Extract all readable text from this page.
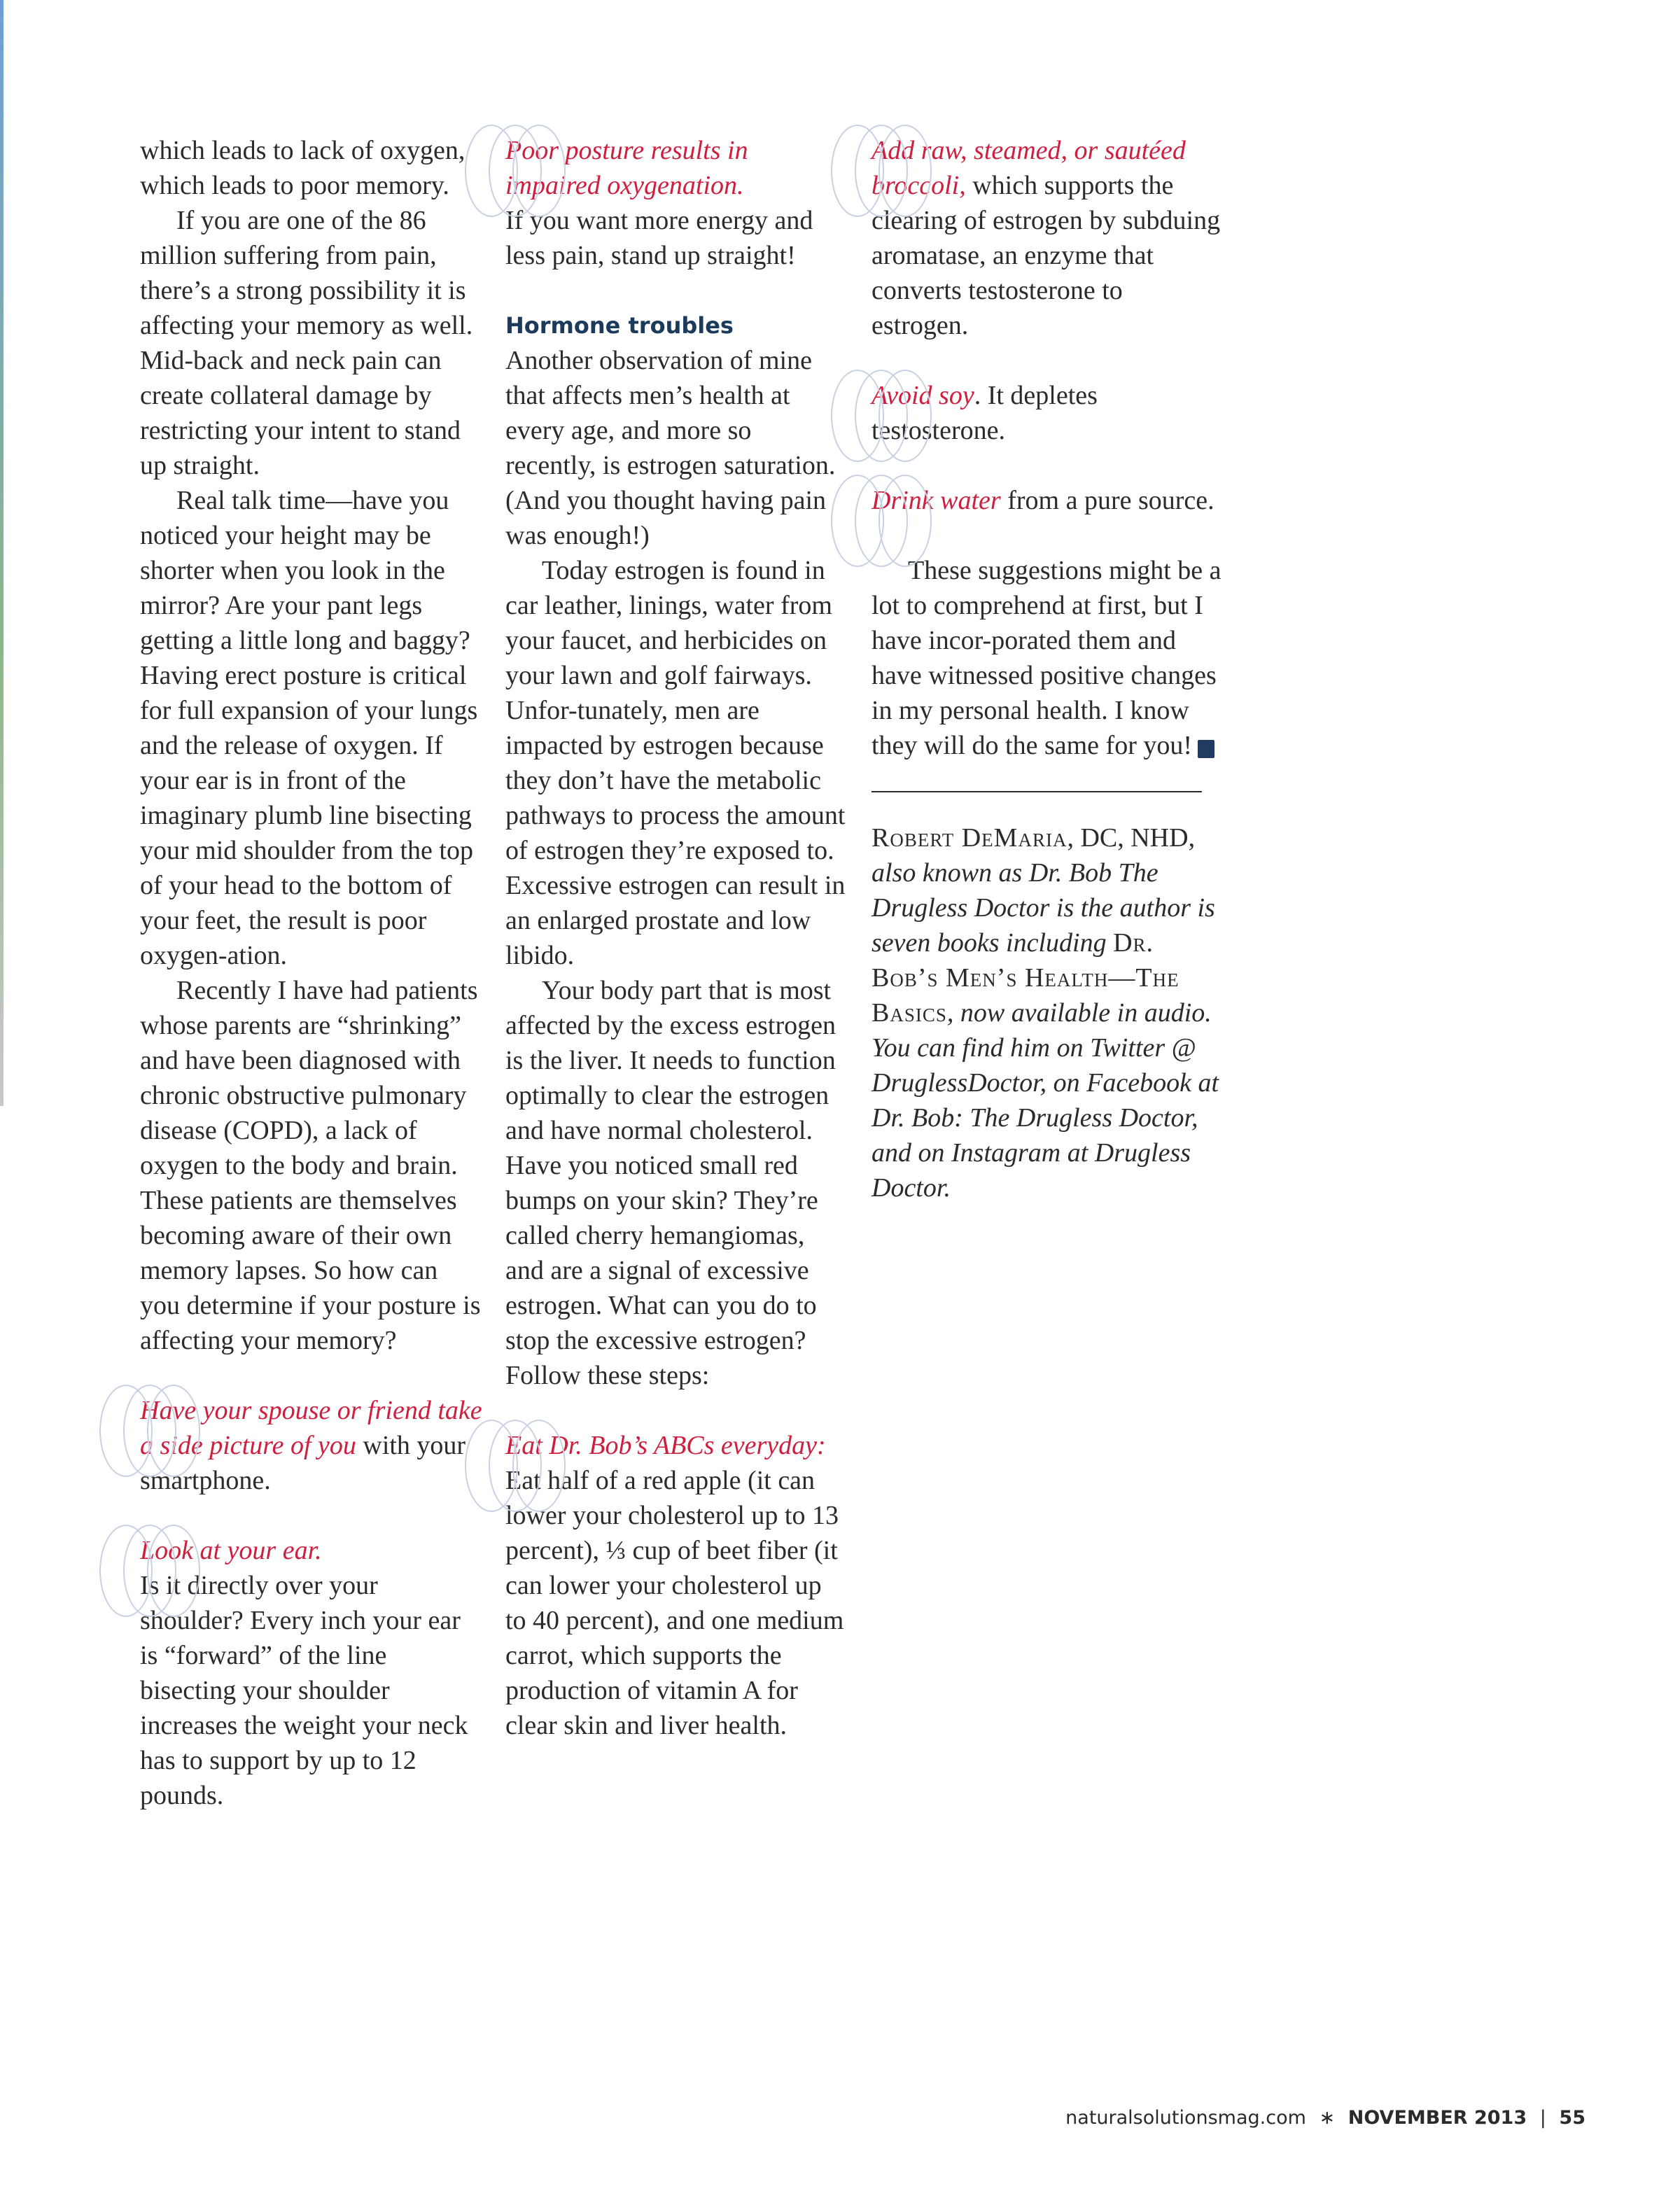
which leads to lack of oxygen, which leads to poor memory.

If you are one of the 86 million suffering from pain, there’s a strong possibility it is affecting your memory as well. Mid-back and neck pain can create collateral damage by restricting your intent to stand up straight.

Real talk time—have you noticed your height may be shorter when you look in the mirror? Are your pant legs getting a little long and baggy? Having erect posture is critical for full expansion of your lungs and the release of oxygen. If your ear is in front of the imaginary plumb line bisecting your mid shoulder from the top of your head to the bottom of your feet, the result is poor oxygen-ation.

Recently I have had patients whose parents are “shrinking” and have been diagnosed with chronic obstructive pulmonary disease (COPD), a lack of oxygen to the body and brain. These patients are themselves becoming aware of their own memory lapses. So how can you determine if your posture is affecting your memory?

Have your spouse or friend take a side picture of you with your smartphone.

Look at your ear.
Is it directly over your shoulder? Every inch your ear is “forward” of the line bisecting your shoulder increases the weight your neck has to support by up to 12 pounds.

Poor posture results in impaired oxygenation.
If you want more energy and less pain, stand up straight!

Hormone troubles

Another observation of mine that affects men’s health at every age, and more so recently, is estrogen saturation. (And you thought having pain was enough!)

Today estrogen is found in car leather, linings, water from your faucet, and herbicides on your lawn and golf fairways. Unfor-tunately, men are impacted by estrogen because they don’t have the metabolic pathways to process the amount of estrogen they’re exposed to. Excessive estrogen can result in an enlarged prostate and low libido.

Your body part that is most affected by the excess estrogen is the liver. It needs to function optimally to clear the estrogen and have normal cholesterol. Have you noticed small red bumps on your skin? They’re called cherry hemangiomas, and are a signal of excessive estrogen. What can you do to stop the excessive estrogen? Follow these steps:

Eat Dr. Bob’s ABCs everyday: Eat half of a red apple (it can lower your cholesterol up to 13 percent), ⅓ cup of beet fiber (it can lower your cholesterol up to 40 percent), and one medium carrot, which supports the production of vitamin A for clear skin and liver health.

Add raw, steamed, or sautéed broccoli, which supports the clearing of estrogen by subduing aromatase, an enzyme that converts testosterone to estrogen.

Avoid soy. It depletes testosterone.

Drink water from a pure source.

These suggestions might be a lot to comprehend at first, but I have incor-porated them and have witnessed positive changes in my personal health. I know they will do the same for you!	ns

Robert DeMaria, DC, NHD, also known as Dr. Bob The Drugless Doctor is the author is seven books including Dr. Bob’s Men’s Health—The Basics, now available in audio. You can find him on Twitter @ DruglessDoctor, on Facebook at Dr. Bob: The Drugless Doctor, and on Instagram at Drugless Doctor.

naturalsolutionsmag.com ∗ NOVEMBER 2013 | 55
